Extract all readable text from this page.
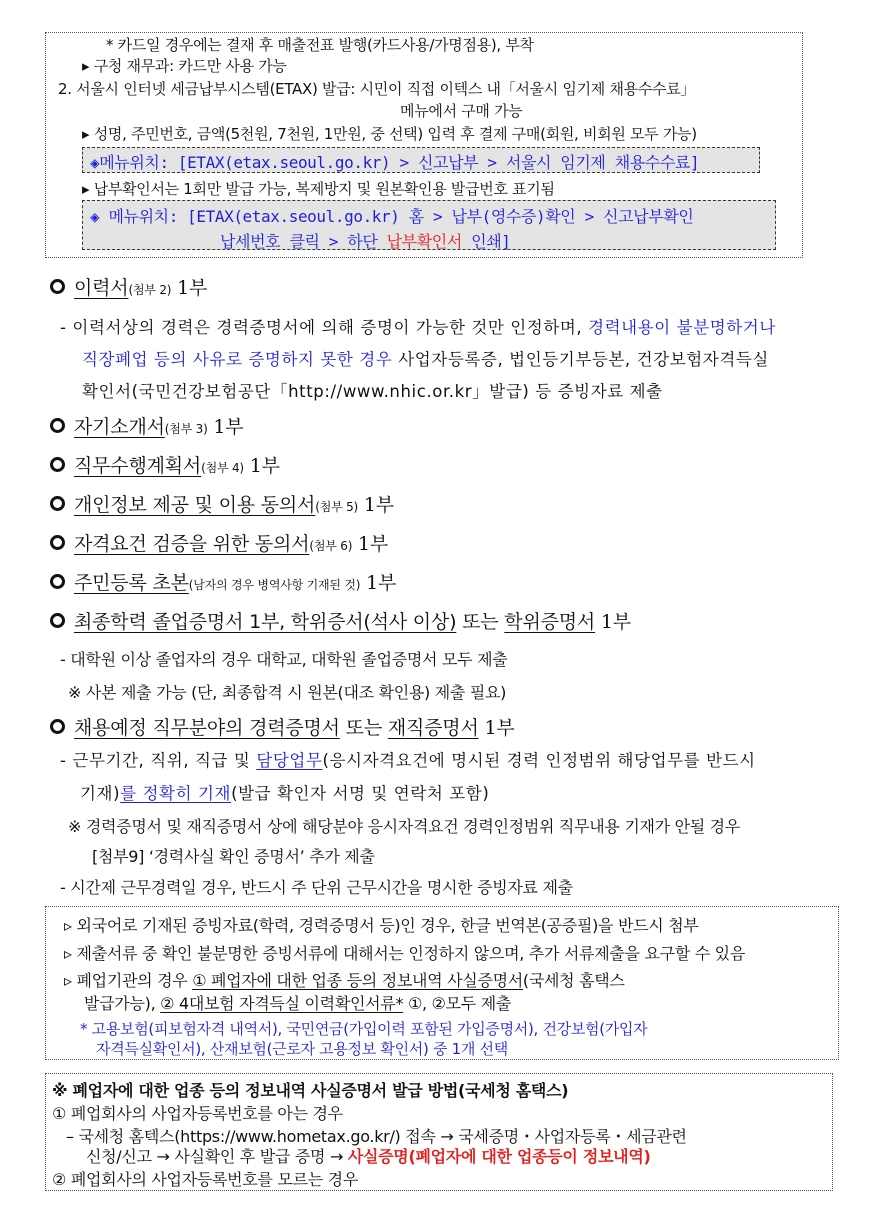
* 카드일 경우에는 결재 후 매출전표 발행(카드사용/가명점용), 부착
▸ 구청 재무과: 카드만 사용 가능
2. 서울시 인터넷 세금납부시스템(ETAX) 발급: 시민이 직접 이텍스 내「서울시 임기제 채용수수료」
메뉴에서 구매 가능
▸ 성명, 주민번호, 금액(5천원, 7천원, 1만원, 중 선택) 입력 후 결제 구매(회원, 비회원 모두 가능)
◈메뉴위치: [ETAX(etax.seoul.go.kr) > 신고납부 > 서울시 임기제 채용수수료]
▸ 납부확인서는 1회만 발급 가능, 복제방지 및 원본확인용 발급번호 표기됨
◈ 메뉴위치: [ETAX(etax.seoul.go.kr) 홈 > 납부(영수증)확인 > 신고납부확인
납세번호 클릭 > 하단 납부확인서 인쇄]
이력서(첨부 2) 1부
- 이력서상의 경력은 경력증명서에 의해 증명이 가능한 것만 인정하며, 경력내용이 불분명하거나
직장폐업 등의 사유로 증명하지 못한 경우 사업자등록증, 법인등기부등본, 건강보험자격득실
확인서(국민건강보험공단「http://www.nhic.or.kr」발급) 등 증빙자료 제출
자기소개서(첨부 3) 1부
직무수행계획서(첨부 4) 1부
개인정보 제공 및 이용 동의서(첨부 5) 1부
자격요건 검증을 위한 동의서(첨부 6) 1부
주민등록 초본(남자의 경우 병역사항 기재된 것) 1부
최종학력 졸업증명서 1부, 학위증서(석사 이상) 또는 학위증명서 1부
- 대학원 이상 졸업자의 경우 대학교, 대학원 졸업증명서 모두 제출
※ 사본 제출 가능 (단, 최종합격 시 원본(대조 확인용) 제출 필요)
채용예정 직무분야의 경력증명서 또는 재직증명서 1부
- 근무기간, 직위, 직급 및 담당업무(응시자격요건에 명시된 경력 인정범위 해당업무를 반드시
기재)를 정확히 기재(발급 확인자 서명 및 연락처 포함)
※ 경력증명서 및 재직증명서 상에 해당분야 응시자격요건 경력인정범위 직무내용 기재가 안될 경우
[첨부9] ‘경력사실 확인 증명서’ 추가 제출
- 시간제 근무경력일 경우, 반드시 주 단위 근무시간을 명시한 증빙자료 제출
▹ 외국어로 기재된 증빙자료(학력, 경력증명서 등)인 경우, 한글 번역본(공증필)을 반드시 첨부
▹ 제출서류 중 확인 불분명한 증빙서류에 대해서는 인정하지 않으며, 추가 서류제출을 요구할 수 있음
▹ 폐업기관의 경우 ① 폐업자에 대한 업종 등의 정보내역 사실증명서(국세청 홈택스
발급가능), ② 4대보험 자격득실 이력확인서류* ①, ②모두 제출
* 고용보험(피보험자격 내역서), 국민연금(가입이력 포함된 가입증명서), 건강보험(가입자
자격득실확인서), 산재보험(근로자 고용정보 확인서) 중 1개 선택
※ 폐업자에 대한 업종 등의 정보내역 사실증명서 발급 방법(국세청 홈택스)
① 폐업회사의 사업자등록번호를 아는 경우
– 국세청 홈텍스(https://www.hometax.go.kr/) 접속 → 국세증명・사업자등록・세금관련
신청/신고 → 사실확인 후 발급 증명 → 사실증명(폐업자에 대한 업종등이 정보내역)
② 폐업회사의 사업자등록번호를 모르는 경우
